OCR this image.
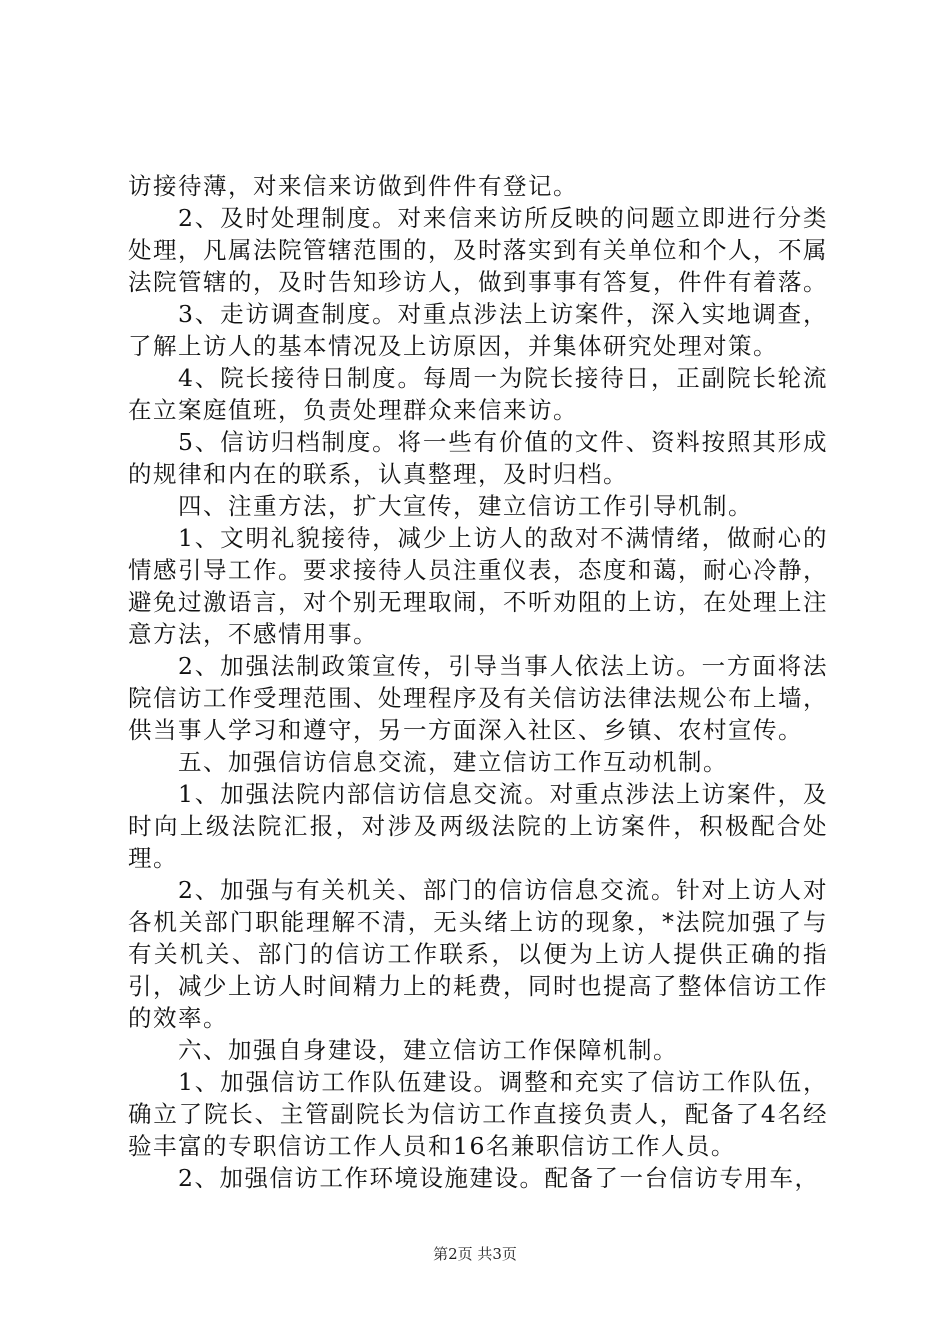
访接待薄，对来信来访做到件件有登记。

2、及时处理制度。对来信来访所反映的问题立即进行分类处理，凡属法院管辖范围的，及时落实到有关单位和个人，不属法院管辖的，及时告知珍访人，做到事事有答复，件件有着落。

3、走访调查制度。对重点涉法上访案件，深入实地调查，了解上访人的基本情况及上访原因，并集体研究处理对策。

4、院长接待日制度。每周一为院长接待日，正副院长轮流在立案庭值班，负责处理群众来信来访。

5、信访归档制度。将一些有价值的文件、资料按照其形成的规律和内在的联系，认真整理，及时归档。

四、注重方法，扩大宣传，建立信访工作引导机制。

1、文明礼貌接待，减少上访人的敌对不满情绪，做耐心的情感引导工作。要求接待人员注重仪表，态度和蔼，耐心冷静，避免过激语言，对个别无理取闹，不听劝阻的上访，在处理上注意方法，不感情用事。

2、加强法制政策宣传，引导当事人依法上访。一方面将法院信访工作受理范围、处理程序及有关信访法律法规公布上墙，供当事人学习和遵守，另一方面深入社区、乡镇、农村宣传。

五、加强信访信息交流，建立信访工作互动机制。

1、加强法院内部信访信息交流。对重点涉法上访案件，及时向上级法院汇报，对涉及两级法院的上访案件，积极配合处理。

2、加强与有关机关、部门的信访信息交流。针对上访人对各机关部门职能理解不清，无头绪上访的现象，*法院加强了与有关机关、部门的信访工作联系，以便为上访人提供正确的指引，减少上访人时间精力上的耗费，同时也提高了整体信访工作的效率。

六、加强自身建设，建立信访工作保障机制。

1、加强信访工作队伍建设。调整和充实了信访工作队伍，确立了院长、主管副院长为信访工作直接负责人，配备了4名经验丰富的专职信访工作人员和16名兼职信访工作人员。

2、加强信访工作环境设施建设。配备了一台信访专用车，

第2页 共3页
